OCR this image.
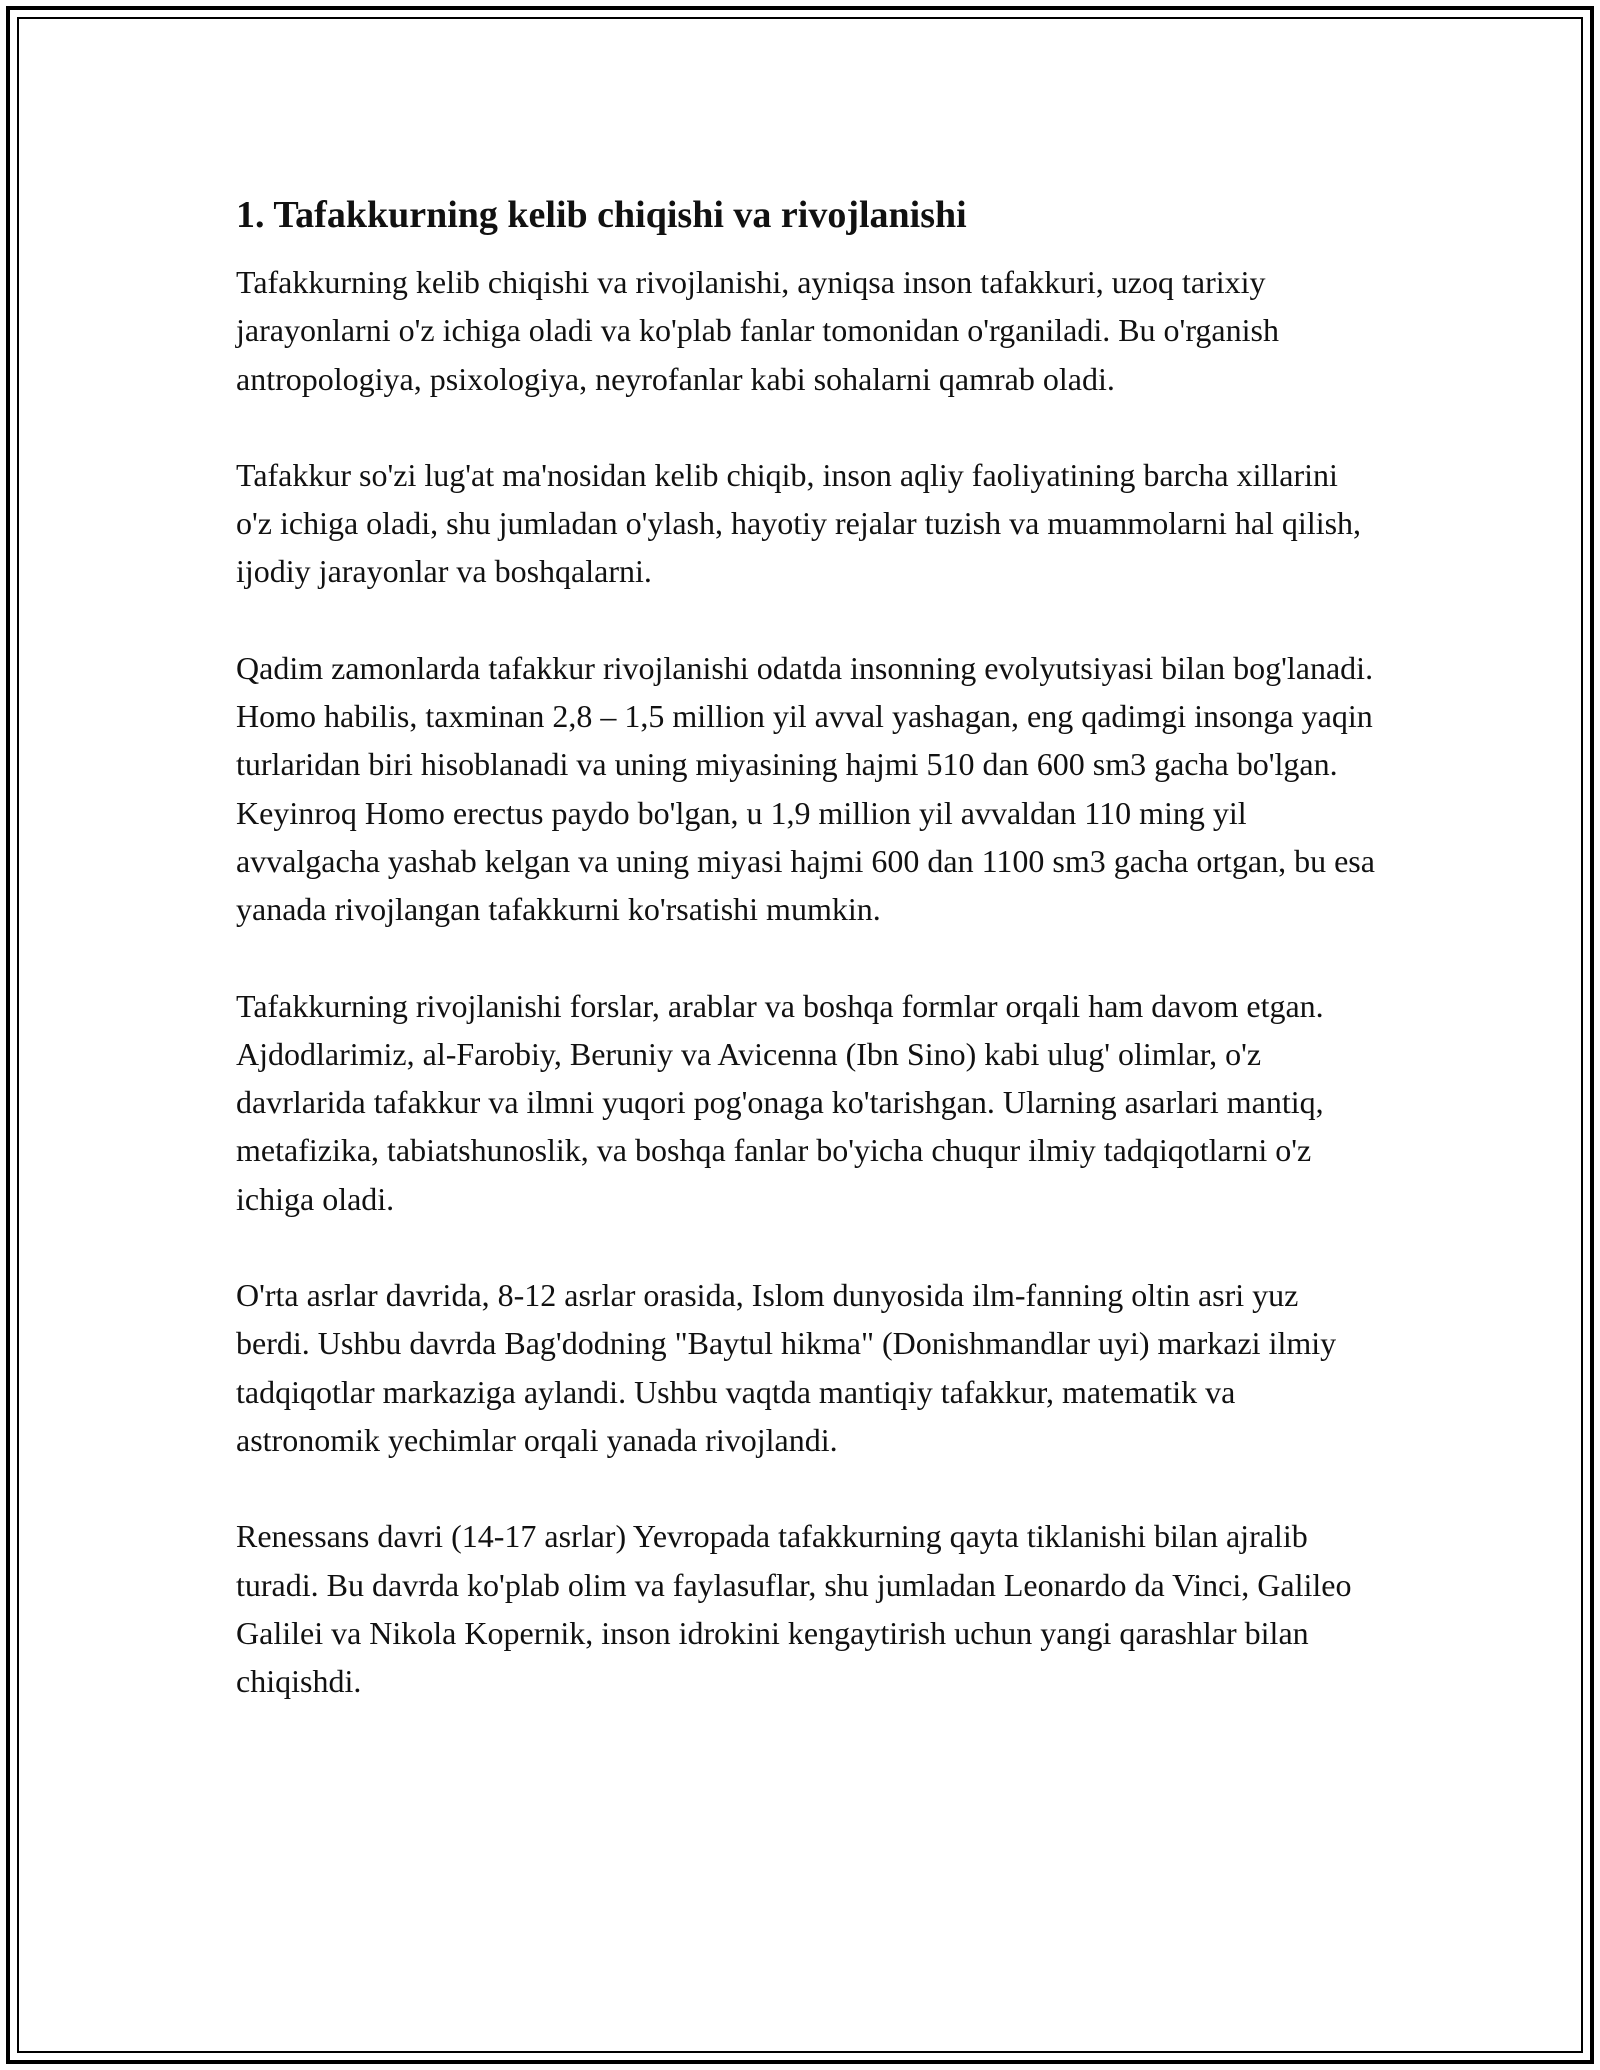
1. Tafakkurning kelib chiqishi va rivojlanishi

Tafakkurning kelib chiqishi va rivojlanishi, ayniqsa inson tafakkuri, uzoq tarixiy jarayonlarni o'z ichiga oladi va ko'plab fanlar tomonidan o'rganiladi. Bu o'rganish antropologiya, psixologiya, neyrofanlar kabi sohalarni qamrab oladi.

Tafakkur so'zi lug'at ma'nosidan kelib chiqib, inson aqliy faoliyatining barcha xillarini o'z ichiga oladi, shu jumladan o'ylash, hayotiy rejalar tuzish va muammolarni hal qilish, ijodiy jarayonlar va boshqalarni.

Qadim zamonlarda tafakkur rivojlanishi odatda insonning evolyutsiyasi bilan bog'lanadi. Homo habilis, taxminan 2,8 – 1,5 million yil avval yashagan, eng qadimgi insonga yaqin turlaridan biri hisoblanadi va uning miyasining hajmi 510 dan 600 sm3 gacha bo'lgan. Keyinroq Homo erectus paydo bo'lgan, u 1,9 million yil avvaldan 110 ming yil avvalgacha yashab kelgan va uning miyasi hajmi 600 dan 1100 sm3 gacha ortgan, bu esa yanada rivojlangan tafakkurni ko'rsatishi mumkin.

Tafakkurning rivojlanishi forslar, arablar va boshqa formlar orqali ham davom etgan. Ajdodlarimiz, al-Farobiy, Beruniy va Avicenna (Ibn Sino) kabi ulug' olimlar, o'z davrlarida tafakkur va ilmni yuqori pog'onaga ko'tarishgan. Ularning asarlari mantiq, metafizika, tabiatshunoslik, va boshqa fanlar bo'yicha chuqur ilmiy tadqiqotlarni o'z ichiga oladi.

O'rta asrlar davrida, 8-12 asrlar orasida, Islom dunyosida ilm-fanning oltin asri yuz berdi. Ushbu davrda Bag'dodning "Baytul hikma" (Donishmandlar uyi) markazi ilmiy tadqiqotlar markaziga aylandi. Ushbu vaqtda mantiqiy tafakkur, matematik va astronomik yechimlar orqali yanada rivojlandi.

Renessans davri (14-17 asrlar) Yevropada tafakkurning qayta tiklanishi bilan ajralib turadi. Bu davrda ko'plab olim va faylasuflar, shu jumladan Leonardo da Vinci, Galileo Galilei va Nikola Kopernik, inson idrokini kengaytirish uchun yangi qarashlar bilan chiqishdi.
